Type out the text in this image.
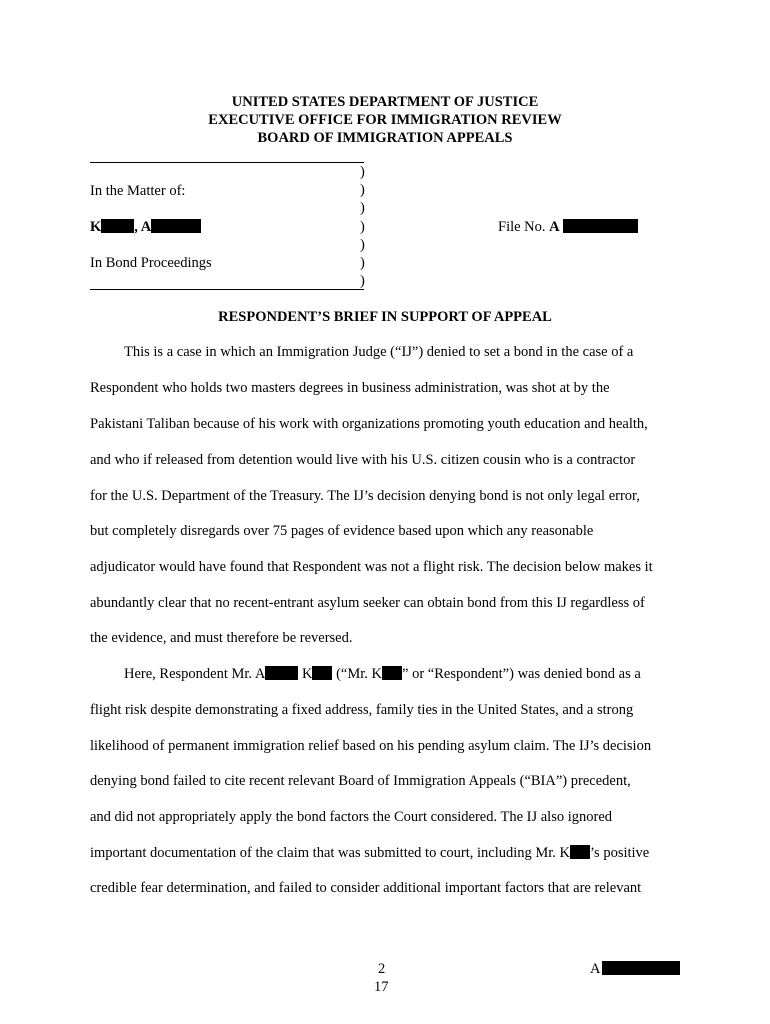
UNITED STATES DEPARTMENT OF JUSTICE
EXECUTIVE OFFICE FOR IMMIGRATION REVIEW
BOARD OF IMMIGRATION APPEALS
)
)
)
)
)
)
)
In the Matter of:
K , A
In Bond Proceedings
File No. A
RESPONDENT’S BRIEF IN SUPPORT OF APPEAL
This is a case in which an Immigration Judge (“IJ”) denied to set a bond in the case of a
Respondent who holds two masters degrees in business administration, was shot at by the
Pakistani Taliban because of his work with organizations promoting youth education and health,
and who if released from detention would live with his U.S. citizen cousin who is a contractor
for the U.S. Department of the Treasury. The IJ’s decision denying bond is not only legal error,
but completely disregards over 75 pages of evidence based upon which any reasonable
adjudicator would have found that Respondent was not a flight risk. The decision below makes it
abundantly clear that no recent-entrant asylum seeker can obtain bond from this IJ regardless of
the evidence, and must therefore be reversed.
Here, Respondent Mr. A	K (“Mr. K ” or “Respondent”) was denied bond as a
flight risk despite demonstrating a fixed address, family ties in the United States, and a strong
likelihood of permanent immigration relief based on his pending asylum claim. The IJ’s decision
denying bond failed to cite recent relevant Board of Immigration Appeals (“BIA”) precedent,
and did not appropriately apply the bond factors the Court considered. The IJ also ignored
important documentation of the claim that was submitted to court, including Mr. K ’s positive
credible fear determination, and failed to consider additional important factors that are relevant
2
17
A
